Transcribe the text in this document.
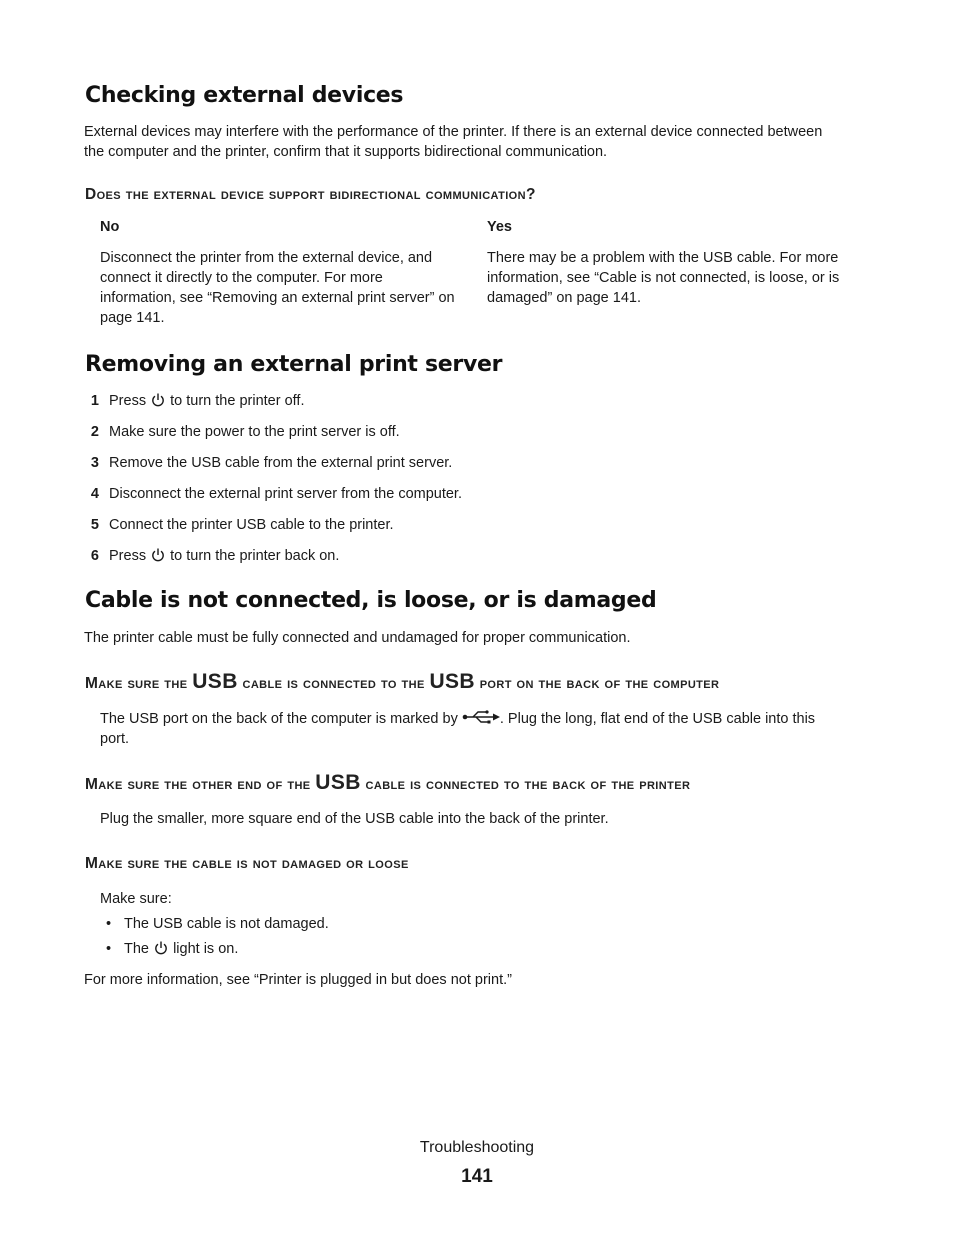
Checking external devices

External devices may interfere with the performance of the printer. If there is an external device connected between
the computer and the printer, confirm that it supports bidirectional communication.

Does the external device support bidirectional communication?
No	Yes

Disconnect the printer from the external device, and
connect it directly to the computer. For more
information, see “Removing an external print server” on
page 141.

There may be a problem with the USB cable. For more
information, see “Cable is not connected, is loose, or is
damaged” on page 141.

Removing an external print server
1 Press to turn the printer off.
2 Make sure the power to the print server is off.
3 Remove the USB cable from the external print server.
4 Disconnect the external print server from the computer.
5 Connect the printer USB cable to the printer.
6 Press to turn the printer back on.
Cable is not connected, is loose, or is damaged

The printer cable must be fully connected and undamaged for proper communication.

Make sure the USB cable is connected to the USB port on the back of the computer

The USB port on the back of the computer is marked by	. Plug the long, flat end of the USB cable into this
port.

Make sure the other end of the USB cable is connected to the back of the printer

Plug the smaller, more square end of the USB cable into the back of the printer.

Make sure the cable is not damaged or loose

Make sure:

• The USB cable is not damaged.
• The light is on.

For more information, see “Printer is plugged in but does not print.”

Troubleshooting
141
